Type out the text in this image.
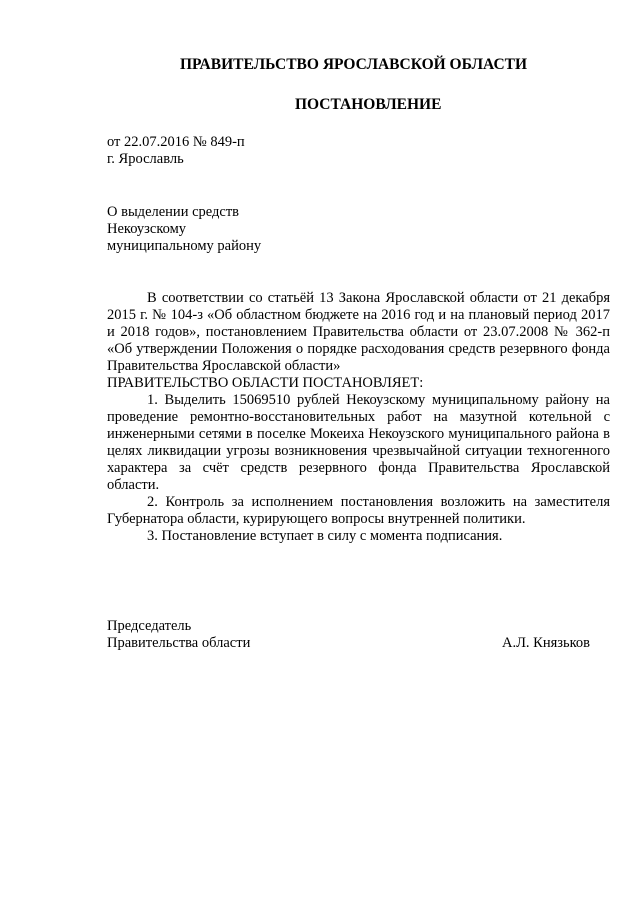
ПРАВИТЕЛЬСТВО ЯРОСЛАВСКОЙ ОБЛАСТИ
ПОСТАНОВЛЕНИЕ
от 22.07.2016 № 849-п
г. Ярославль
О выделении средств
Некоузскому
муниципальному району

В соответствии со статьёй 13 Закона Ярославской области от 21 декабря 2015 г. № 104-з «Об областном бюджете на 2016 год и на плановый период 2017 и 2018 годов», постановлением Правительства области от 23.07.2008 № 362-п «Об утверждении Положения о порядке расходования средств резервного фонда Правительства Ярославской области»

ПРАВИТЕЛЬСТВО ОБЛАСТИ ПОСТАНОВЛЯЕТ:

1. Выделить 15069510 рублей Некоузскому муниципальному району на проведение ремонтно-восстановительных работ на мазутной котельной с инженерными сетями в поселке Мокеиха Некоузского муниципального района в целях ликвидации угрозы возникновения чрезвычайной ситуации техногенного характера за счёт средств резервного фонда Правительства Ярославской области.

2. Контроль за исполнением постановления возложить на заместителя Губернатора области, курирующего вопросы внутренней политики.

3. Постановление вступает в силу с момента подписания.

Председатель
Правительства области	А.Л. Князьков
